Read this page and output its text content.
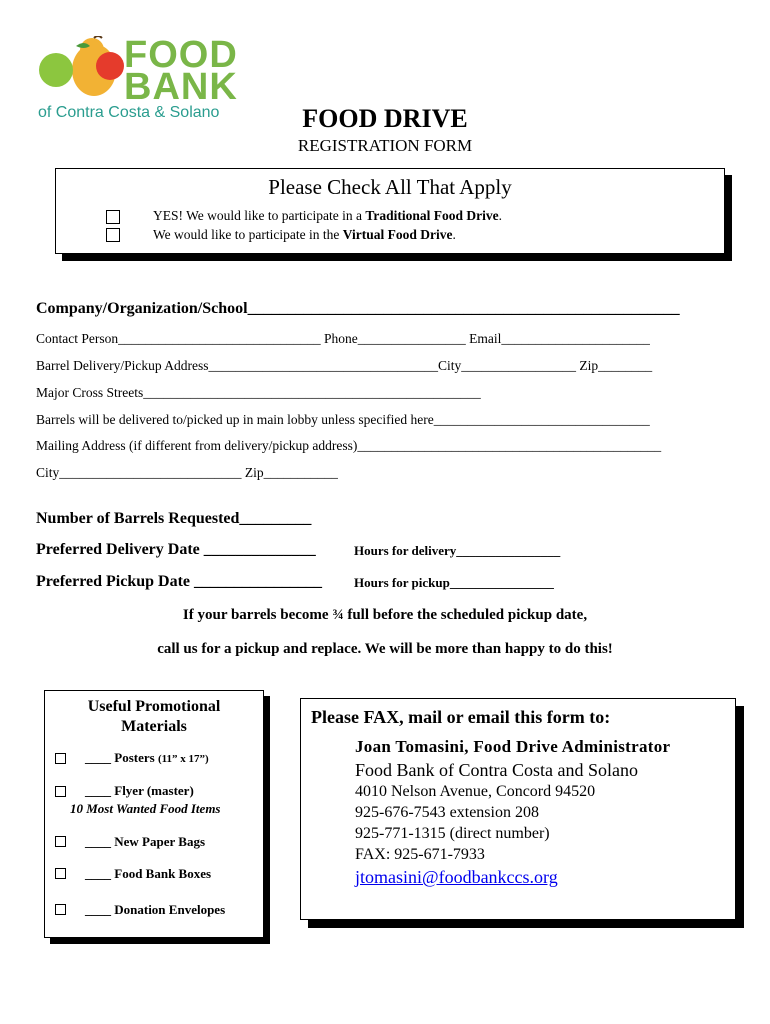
FOOD
BANK
of Contra Costa & Solano	FOOD DRIVE
REGISTRATION FORM
Please Check All That Apply
YES! We would like to participate in a Traditional Food Drive.
We would like to participate in the Virtual Food Drive.
Company/Organization/School______________________________________________________
Contact Person______________________________ Phone________________ Email______________________
Barrel Delivery/Pickup Address__________________________________City_________________ Zip________
Major Cross Streets__________________________________________________
Barrels will be delivered to/picked up in main lobby unless specified here________________________________
Mailing Address (if different from delivery/pickup address)_____________________________________________
City___________________________ Zip___________
Number of Barrels Requested_________
Preferred Delivery Date ______________	Hours for delivery________________
Preferred Pickup Date ________________ Hours for pickup________________
If your barrels become ¾ full before the scheduled pickup date,
call us for a pickup and replace. We will be more than happy to do this!
Useful Promotional
Materials
____ Posters (11” x 17”)
____ Flyer (master)
10 Most Wanted Food Items
____ New Paper Bags
____ Food Bank Boxes
____ Donation Envelopes
Please FAX, mail or email this form to:
Joan Tomasini, Food Drive Administrator
Food Bank of Contra Costa and Solano
4010 Nelson Avenue, Concord 94520
925-676-7543 extension 208
925-771-1315 (direct number)
FAX: 925-671-7933
jtomasini@foodbankccs.org
